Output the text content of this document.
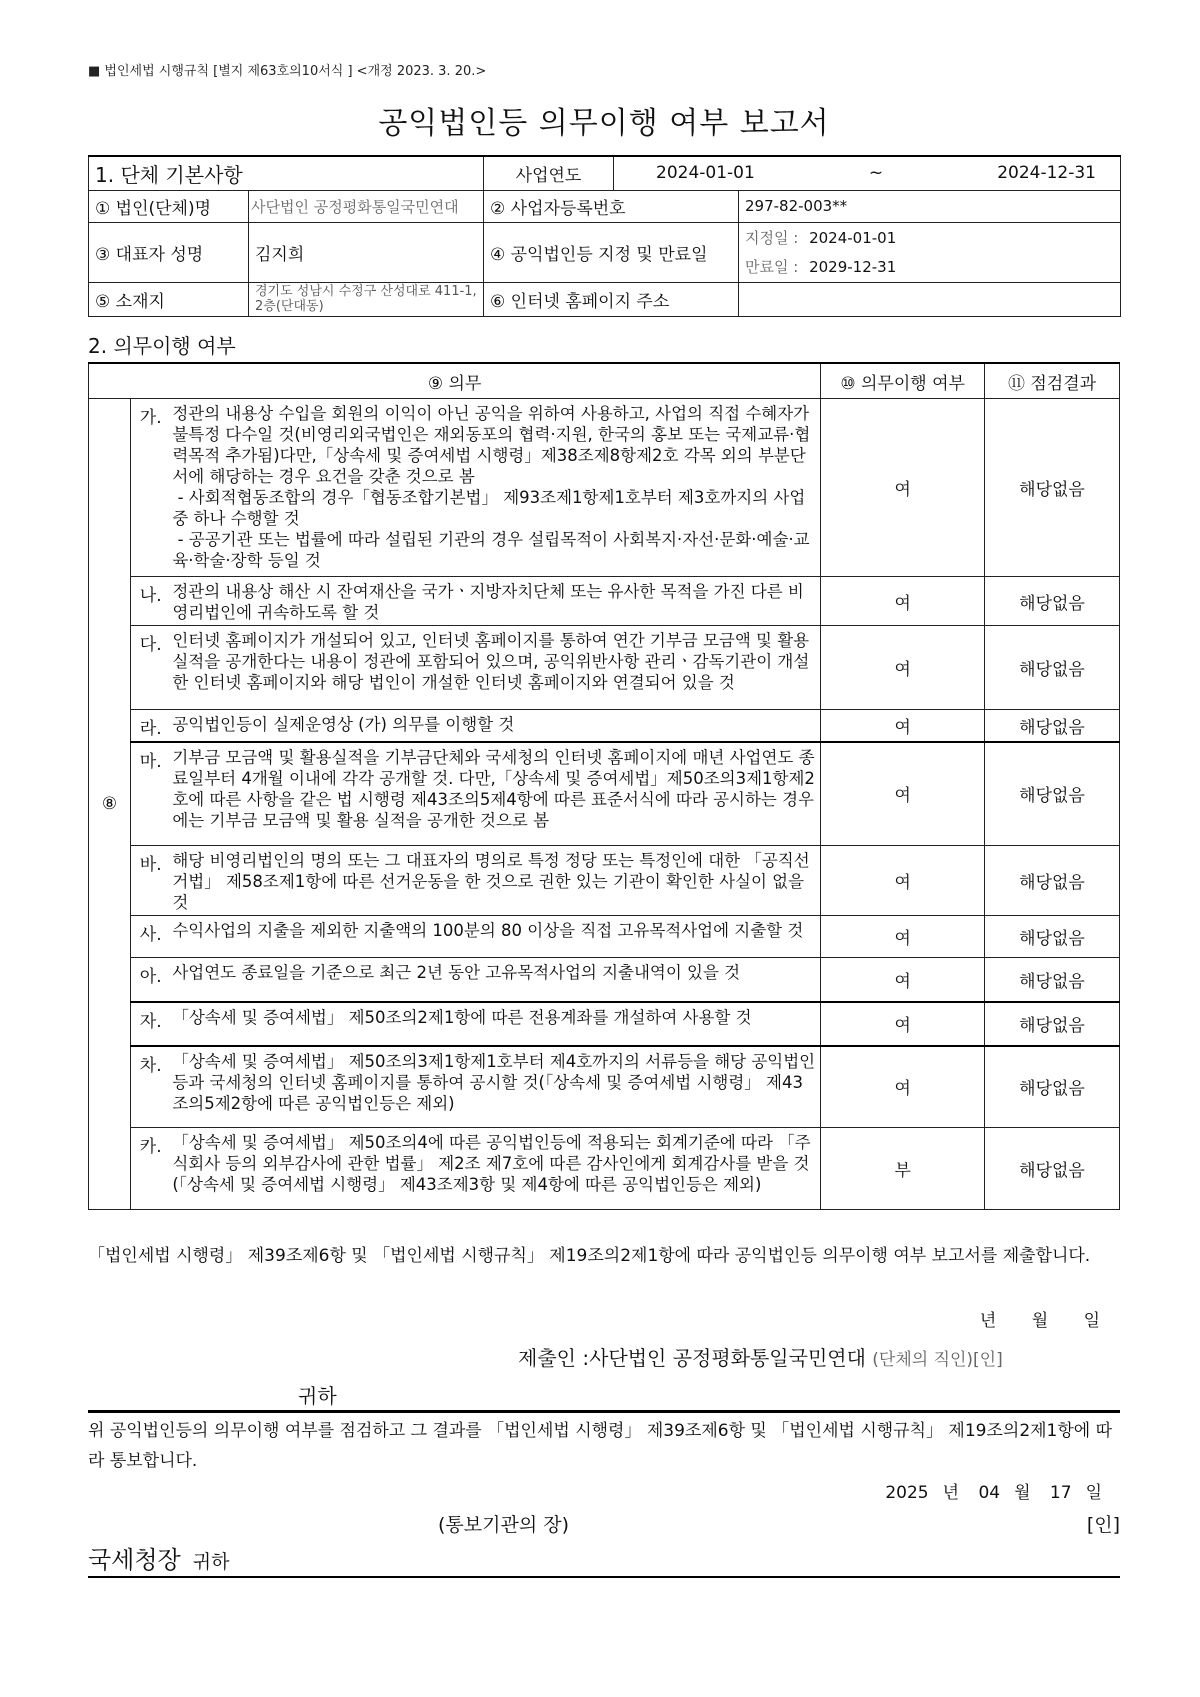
■ 법인세법 시행규칙 [별지 제63호의10서식 ] <개정 2023. 3. 20.>
공익법인등 의무이행 여부 보고서
1. 단체 기본사항		사업연도	2024-01-01 ~ 2024-12-31	

① 법인(단체)명	사단법인 공정평화통일국민연대	② 사업자등록번호		297-82-003**
③ 대표자 성명	김지희	④ 공익법인등 지정 및 만료일		지정일 : 2024-01-01
				만료일 : 2029-12-31
⑤ 소재지	경기도 성남시 수정구 산성대로 411-1, 2층(단대동)	⑥ 인터넷 홈페이지 주소		
2. 의무이행 여부
⑨ 의무			⑩ 의무이행 여부	⑪ 점검결과
⑧	가.	정관의 내용상 수입을 회원의 이익이 아닌 공익을 위하여 사용하고, 사업의 직접 수혜자가 불특정 다수일 것(비영리외국법인은 재외동포의 협력·지원, 한국의 홍보 또는 국제교류·협력목적 추가됨)다만,「상속세 및 증여세법 시행령」제38조제8항제2호 각목 외의 부분단서에 해당하는 경우 요건을 갖춘 것으로 봄
- 사회적협동조합의 경우「협동조합기본법」 제93조제1항제1호부터 제3호까지의 사업 중 하나 수행할 것
- 공공기관 또는 법률에 따라 설립된 기관의 경우 설립목적이 사회복지·자선·문화·예술·교육·학술·장학 등일 것	여	해당없음
	나.	정관의 내용상 해산 시 잔여재산을 국가ㆍ지방자치단체 또는 유사한 목적을 가진 다른 비영리법인에 귀속하도록 할 것	여	해당없음
	다.	인터넷 홈페이지가 개설되어 있고, 인터넷 홈페이지를 통하여 연간 기부금 모금액 및 활용실적을 공개한다는 내용이 정관에 포함되어 있으며, 공익위반사항 관리ㆍ감독기관이 개설한 인터넷 홈페이지와 해당 법인이 개설한 인터넷 홈페이지와 연결되어 있을 것	여	해당없음
	라.	공익법인등이 실제운영상 (가) 의무를 이행할 것	여	해당없음
	마.	기부금 모금액 및 활용실적을 기부금단체와 국세청의 인터넷 홈페이지에 매년 사업연도 종료일부터 4개월 이내에 각각 공개할 것. 다만,「상속세 및 증여세법」제50조의3제1항제2호에 따른 사항을 같은 법 시행령 제43조의5제4항에 따른 표준서식에 따라 공시하는 경우에는 기부금 모금액 및 활용 실적을 공개한 것으로 봄	여	해당없음
	바.	해당 비영리법인의 명의 또는 그 대표자의 명의로 특정 정당 또는 특정인에 대한 「공직선거법」 제58조제1항에 따른 선거운동을 한 것으로 권한 있는 기관이 확인한 사실이 없을 것	여	해당없음
	사.	수익사업의 지출을 제외한 지출액의 100분의 80 이상을 직접 고유목적사업에 지출할 것	여	해당없음
	아.	사업연도 종료일을 기준으로 최근 2년 동안 고유목적사업의 지출내역이 있을 것	여	해당없음
	자.	「상속세 및 증여세법」 제50조의2제1항에 따른 전용계좌를 개설하여 사용할 것	여	해당없음
	차.	「상속세 및 증여세법」 제50조의3제1항제1호부터 제4호까지의 서류등을 해당 공익법인등과 국세청의 인터넷 홈페이지를 통하여 공시할 것(「상속세 및 증여세법 시행령」 제43조의5제2항에 따른 공익법인등은 제외)	여	해당없음
	카.	「상속세 및 증여세법」 제50조의4에 따른 공익법인등에 적용되는 회계기준에 따라 「주식회사 등의 외부감사에 관한 법률」 제2조 제7호에 따른 감사인에게 회계감사를 받을 것(「상속세 및 증여세법 시행령」 제43조제3항 및 제4항에 따른 공익법인등은 제외)	부	해당없음
「법인세법 시행령」 제39조제6항 및 「법인세법 시행규칙」 제19조의2제1항에 따라 공익법인등 의무이행 여부 보고서를 제출합니다.
년 월 일
제출인 :사단법인 공정평화통일국민연대 (단체의 직인)[인]
귀하
위 공익법인등의 의무이행 여부를 점검하고 그 결과를 「법인세법 시행령」 제39조제6항 및 「법인세법 시행규칙」 제19조의2제1항에 따라 통보합니다.
2025 년 04 월 17 일
(통보기관의 장)	[인]
국세청장 귀하
